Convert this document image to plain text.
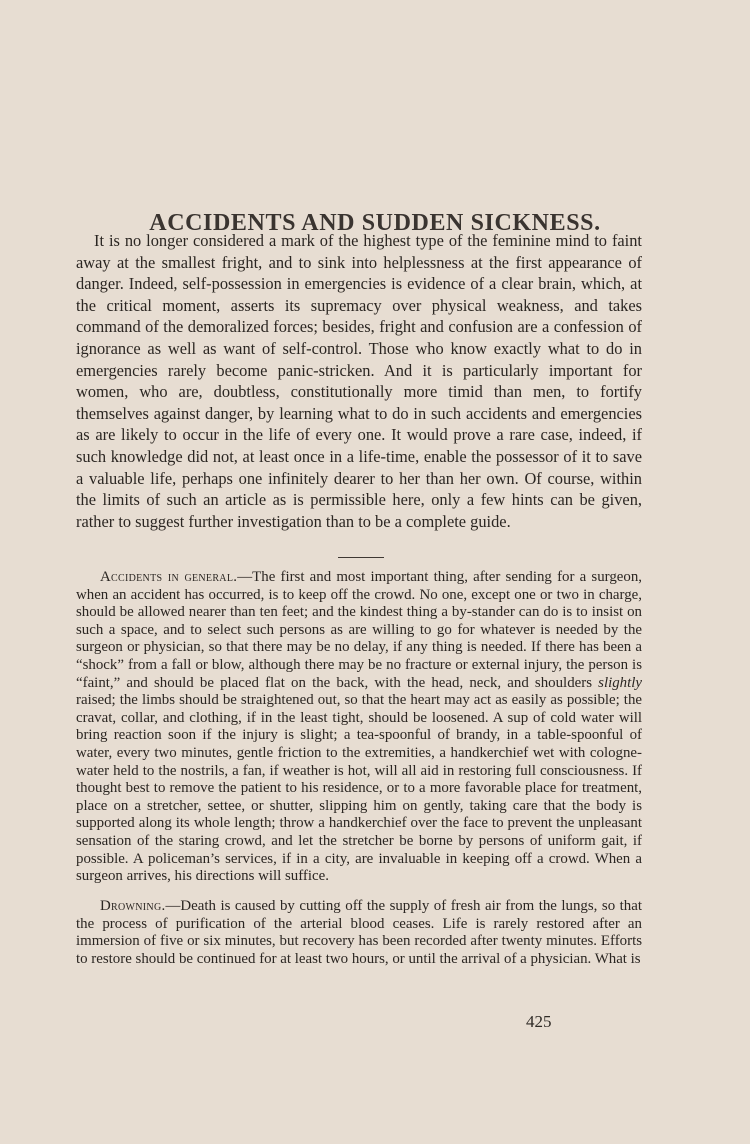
ACCIDENTS AND SUDDEN SICKNESS.

It is no longer considered a mark of the highest type of the feminine mind to faint away at the smallest fright, and to sink into helplessness at the first appearance of danger. Indeed, self-possession in emergencies is evidence of a clear brain, which, at the critical moment, asserts its supremacy over physical weakness, and takes command of the demoralized forces; besides, fright and confusion are a confession of ignorance as well as want of self-control. Those who know exactly what to do in emergencies rarely become panic-stricken. And it is particularly important for women, who are, doubtless, constitutionally more timid than men, to fortify themselves against danger, by learning what to do in such accidents and emergencies as are likely to occur in the life of every one. It would prove a rare case, indeed, if such knowledge did not, at least once in a life-time, enable the possessor of it to save a valuable life, perhaps one infinitely dearer to her than her own. Of course, within the limits of such an article as is permissible here, only a few hints can be given, rather to suggest further investigation than to be a complete guide.

Accidents in general.—The first and most important thing, after sending for a surgeon, when an accident has occurred, is to keep off the crowd. No one, except one or two in charge, should be allowed nearer than ten feet; and the kindest thing a by-stander can do is to insist on such a space, and to select such persons as are willing to go for whatever is needed by the surgeon or physician, so that there may be no delay, if any thing is needed. If there has been a “shock” from a fall or blow, although there may be no fracture or external injury, the person is “faint,” and should be placed flat on the back, with the head, neck, and shoulders slightly raised; the limbs should be straightened out, so that the heart may act as easily as possible; the cravat, collar, and clothing, if in the least tight, should be loosened. A sup of cold water will bring reaction soon if the injury is slight; a tea-spoonful of brandy, in a table-spoonful of water, every two minutes, gentle friction to the extremities, a handkerchief wet with cologne-water held to the nostrils, a fan, if weather is hot, will all aid in restoring full consciousness. If thought best to remove the patient to his residence, or to a more favorable place for treatment, place on a stretcher, settee, or shutter, slipping him on gently, taking care that the body is supported along its whole length; throw a handkerchief over the face to prevent the unpleasant sensation of the staring crowd, and let the stretcher be borne by persons of uniform gait, if possible. A policeman’s services, if in a city, are invaluable in keeping off a crowd. When a surgeon arrives, his directions will suffice.

Drowning.—Death is caused by cutting off the supply of fresh air from the lungs, so that the process of purification of the arterial blood ceases. Life is rarely restored after an immersion of five or six minutes, but recovery has been recorded after twenty minutes. Efforts to restore should be continued for at least two hours, or until the arrival of a physician. What is

425
